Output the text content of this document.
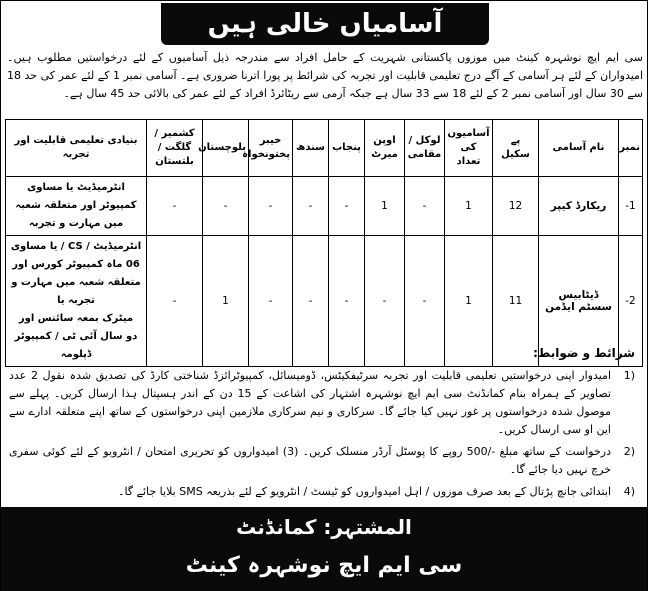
آسامیاں خالی ہیں
سی ایم ایچ نوشہرہ کینٹ میں موزوں پاکستانی شہریت کے حامل افراد سے مندرجہ ذیل آسامیوں کے لئے درخواستیں مطلوب ہیں۔ امیدواران کے لئے ہر آسامی کے آگے درج تعلیمی قابلیت اور تجربہ کی شرائط پر پورا اترنا ضروری ہے۔ آسامی نمبر 1 کے لئے عمر کی حد 18 سے 30 سال اور آسامی نمبر 2 کے لئے 18 سے 33 سال ہے جبکہ آرمی سے ریٹائرڈ افراد کے لئے عمر کی بالائی حد 45 سال ہے۔
نمبر	نام آسامی	پے سکیل	آسامیوں کی تعداد	لوکل / مقامی	اوپن میرٹ	پنجاب	سندھ	خیبر پختونخواہ	بلوچستان	کشمیر / گلگت / بلتستان	بنیادی تعلیمی قابلیت اور تجربہ
1-	ریکارڈ کیپر	12	1	-	1	-	-	-	-	-	انٹرمیڈیٹ یا مساوی
کمپیوٹر اور متعلقہ شعبہ میں مہارت و تجربہ

2-	ڈیٹابیس سسٹم ایڈمن	11	1	-	-	-	-	-	1	-	انٹرمیڈیٹ / CS / یا مساوی 06 ماہ کمپیوٹر کورس اور
متعلقہ شعبہ میں مہارت و تجربہ یا
میٹرک بمعہ سائنس اور
دو سال آئی ٹی / کمپیوٹر ڈپلومہ	شرائط و ضوابط:
(1
امیدوار اپنی درخواستیں تعلیمی قابلیت اور تجربہ سرٹیفکیٹس، ڈومیسائل، کمپیوٹرائزڈ شناختی کارڈ کی تصدیق شدہ نقول 2 عدد تصاویر کے ہمراہ بنام کمانڈنٹ سی ایم ایچ نوشہرہ اشتہار کی اشاعت کے 15 دن کے اندر ہسپتال ہذا ارسال کریں۔ پہلے سے موصول شدہ درخواستوں پر غور نہیں کیا جائے گا۔ سرکاری و نیم سرکاری ملازمین اپنی درخواستوں کے ساتھ اپنے متعلقہ ادارے سے این او سی ارسال کریں۔
(2
درخواست کے ساتھ مبلغ -/500 روپے کا پوسٹل آرڈر منسلک کریں۔ (3) امیدواروں کو تحریری امتحان / انٹرویو کے لئے کوئی سفری خرچ نہیں دیا جائے گا۔
(4
ابتدائی جانچ پڑتال کے بعد صرف موزوں / اہل امیدواروں کو ٹیسٹ / انٹرویو کے لئے بذریعہ SMS بلایا جائے گا۔
المشتہر: کمانڈنٹ
سی ایم ایچ نوشہرہ کینٹ
